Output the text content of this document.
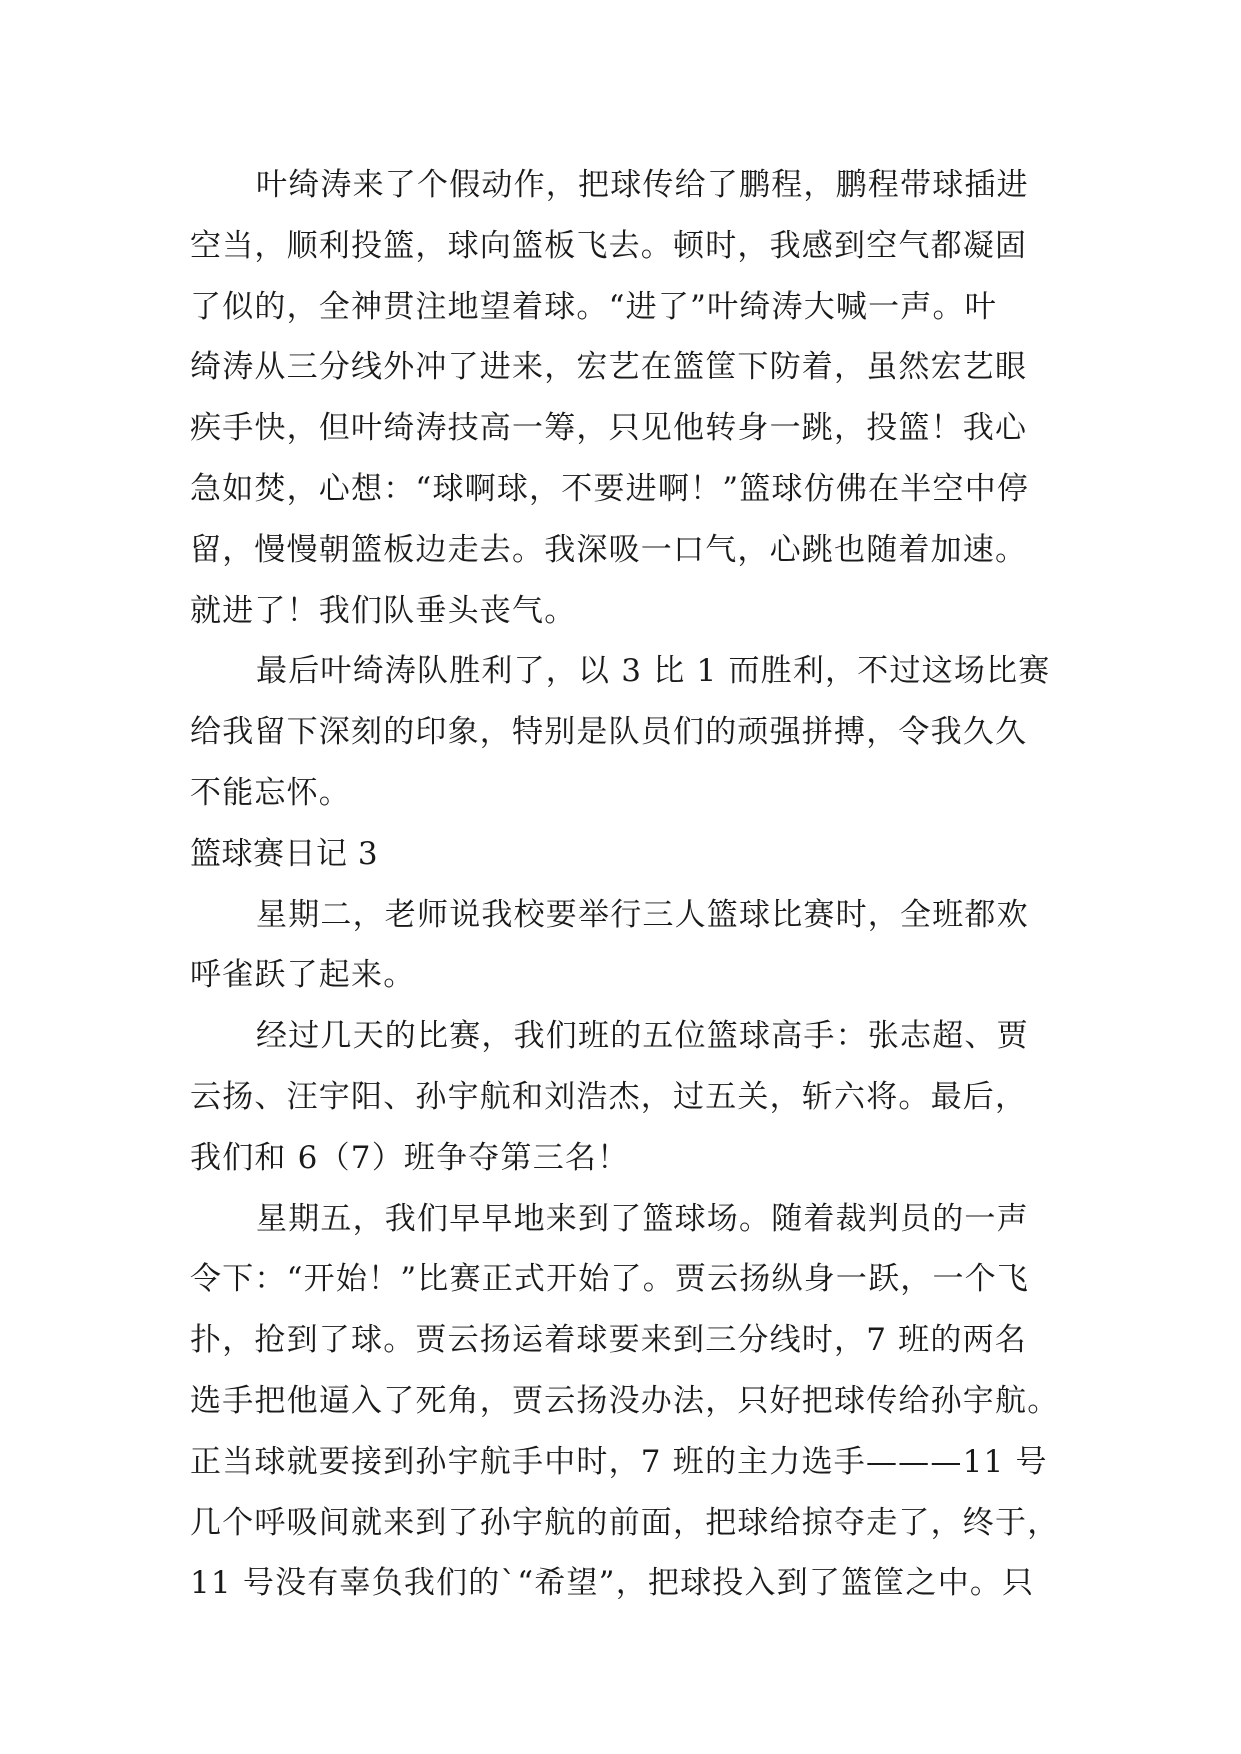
叶绮涛来了个假动作，把球传给了鹏程，鹏程带球插进
空当，顺利投篮，球向篮板飞去。顿时，我感到空气都凝固
了似的，全神贯注地望着球。“进了”叶绮涛大喊一声。叶
绮涛从三分线外冲了进来，宏艺在篮筐下防着，虽然宏艺眼
疾手快，但叶绮涛技高一筹，只见他转身一跳，投篮！我心
急如焚，心想：“球啊球，不要进啊！”篮球仿佛在半空中停
留，慢慢朝篮板边走去。我深吸一口气，心跳也随着加速。
就进了！我们队垂头丧气。
最后叶绮涛队胜利了，以 3 比 1 而胜利，不过这场比赛
给我留下深刻的印象，特别是队员们的顽强拼搏，令我久久
不能忘怀。
篮球赛日记 3
星期二，老师说我校要举行三人篮球比赛时，全班都欢
呼雀跃了起来。
经过几天的比赛，我们班的五位篮球高手：张志超、贾
云扬、汪宇阳、孙宇航和刘浩杰，过五关，斩六将。最后，
我们和 6（7）班争夺第三名！
星期五，我们早早地来到了篮球场。随着裁判员的一声
令下：“开始！”比赛正式开始了。贾云扬纵身一跃，一个飞
扑，抢到了球。贾云扬运着球要来到三分线时，7 班的两名
选手把他逼入了死角，贾云扬没办法，只好把球传给孙宇航。
正当球就要接到孙宇航手中时，7 班的主力选手———11 号
几个呼吸间就来到了孙宇航的前面，把球给掠夺走了，终于，
11 号没有辜负我们的`“希望”，把球投入到了篮筐之中。只
